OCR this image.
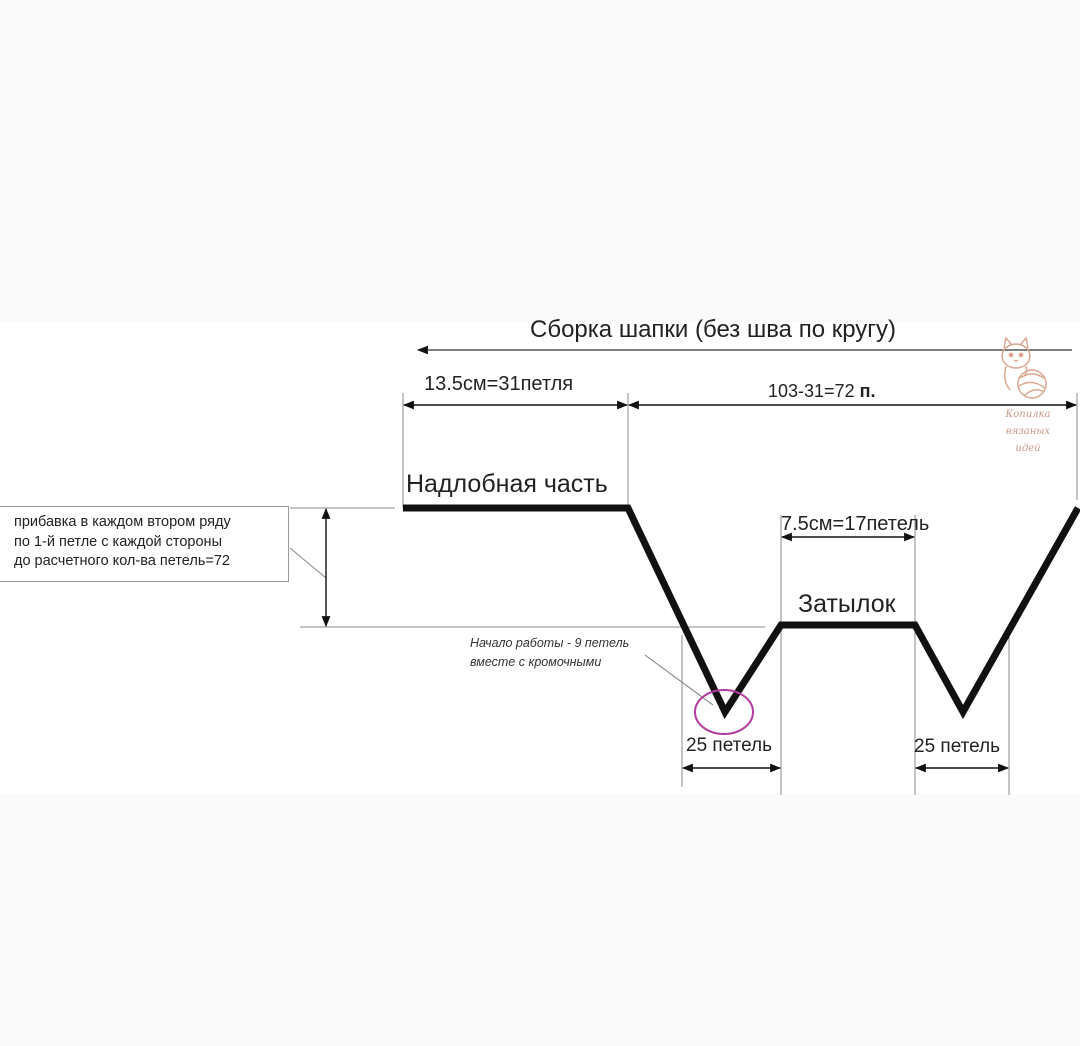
Сборка шапки (без шва по кругу)
13.5см=31петля	103-31=72 п.
Надлобная часть
7.5см=17петель
Затылок
25 петель	25 петель
Начало работы - 9 петель
вместе с кромочными
прибавка в каждом втором ряду
по 1-й петле с каждой стороны
до расчетного кол-ва петель=72
Копилка
вязаных
идей
